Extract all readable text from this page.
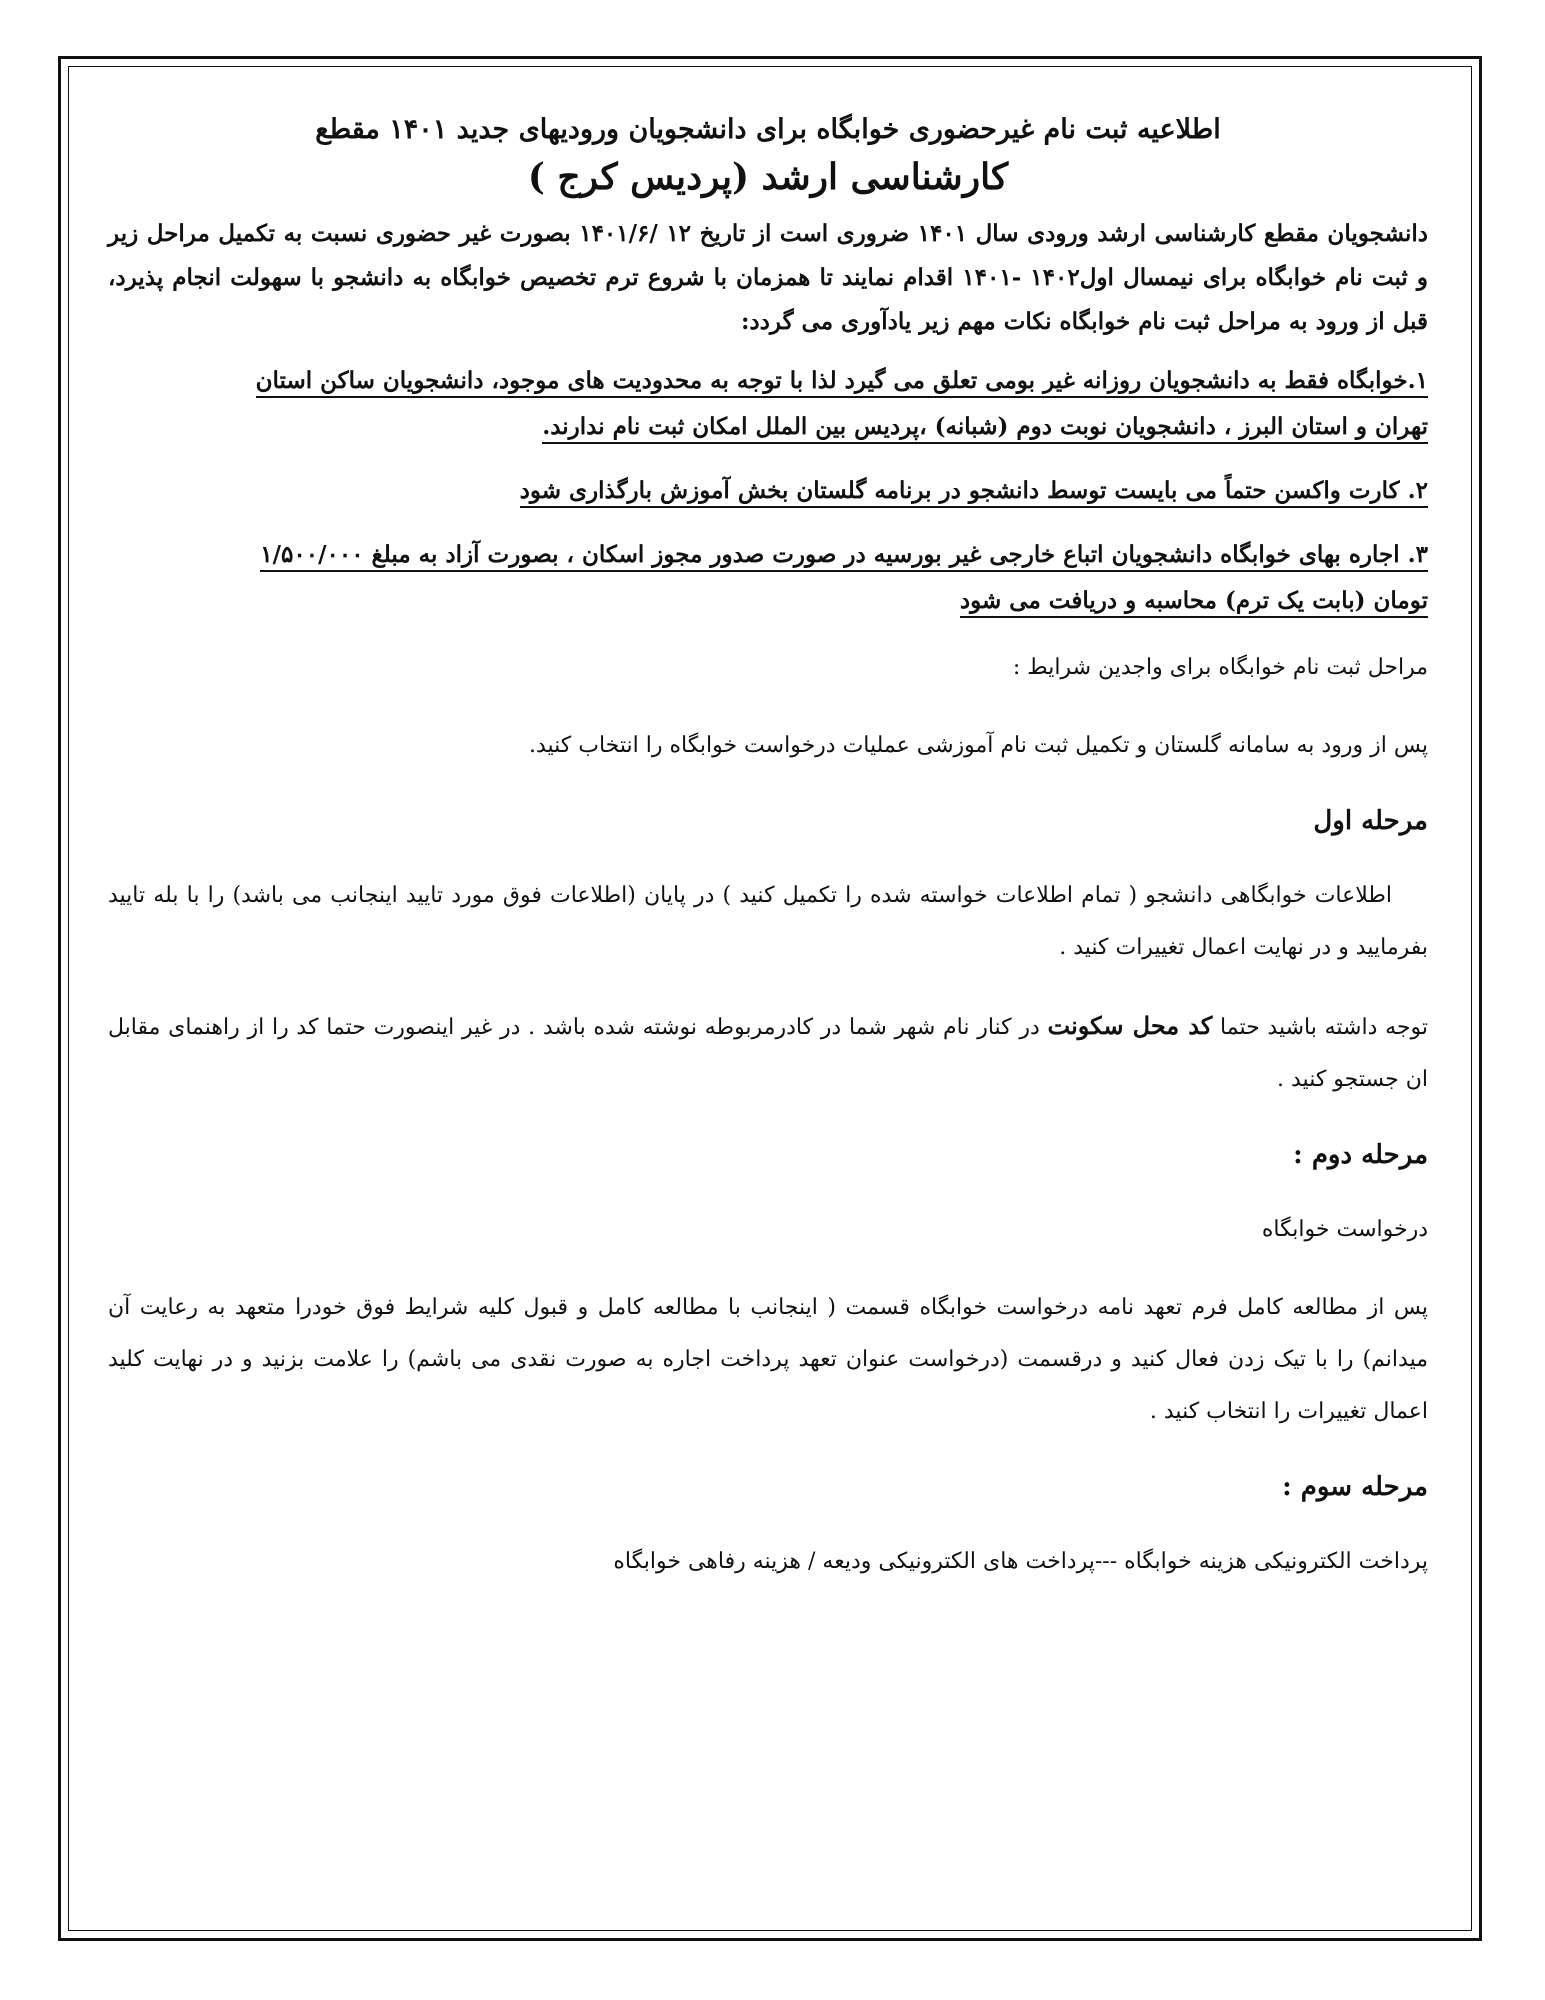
اطلاعیه ثبت نام غیرحضوری خوابگاه برای دانشجویان ورودیهای جدید ۱۴۰۱ مقطع

کارشناسی ارشد (پردیس کرج )

دانشجویان مقطع کارشناسی ارشد ورودی سال ۱۴۰۱ ضروری است از تاریخ ۱۲ /۱۴۰۱/۶ بصورت غیر حضوری نسبت به تکمیل مراحل زیر و ثبت نام خوابگاه برای نیمسال اول۱۴۰۲ -۱۴۰۱ اقدام نمایند تا همزمان با شروع ترم تخصیص خوابگاه به دانشجو با سهولت انجام پذیرد، قبل از ورود به مراحل ثبت نام خوابگاه نکات مهم زیر یادآوری می گردد:

۱.خوابگاه فقط به دانشجویان روزانه غیر بومی تعلق می گیرد لذا با توجه به محدودیت های موجود، دانشجویان ساکن استان
تهران و استان البرز ، دانشجویان نوبت دوم (شبانه) ،پردیس بین الملل امکان ثبت نام ندارند.

۲. کارت واکسن حتماً می بایست توسط دانشجو در برنامه گلستان بخش آموزش بارگذاری شود

۳. اجاره بهای خوابگاه دانشجویان اتباع خارجی غیر بورسیه در صورت صدور مجوز اسکان ، بصورت آزاد به مبلغ ۱/۵۰۰/۰۰۰
تومان (بابت یک ترم) محاسبه و دریافت می شود

مراحل ثبت نام خوابگاه برای واجدین شرایط :

پس از ورود به سامانه گلستان و تکمیل ثبت نام آموزشی عملیات درخواست خوابگاه را انتخاب کنید.

مرحله اول

اطلاعات خوابگاهی دانشجو ( تمام اطلاعات خواسته شده را تکمیل کنید ) در پایان (اطلاعات فوق مورد تایید اینجانب می باشد) را با بله تایید بفرمایید و در نهایت اعمال تغییرات کنید .

توجه داشته باشید حتما کد محل سکونت در کنار نام شهر شما در کادرمربوطه نوشته شده باشد . در غیر اینصورت حتما کد را از راهنمای مقابل ان جستجو کنید .

مرحله دوم :

درخواست خوابگاه

پس از مطالعه کامل فرم تعهد نامه درخواست خوابگاه قسمت ( اینجانب با مطالعه کامل و قبول کلیه شرایط فوق خودرا متعهد به رعایت آن میدانم) را با تیک زدن فعال کنید و درقسمت (درخواست عنوان تعهد پرداخت اجاره به صورت نقدی می باشم) را علامت بزنید و در نهایت کلید اعمال تغییرات را انتخاب کنید .

مرحله سوم :

پرداخت الکترونیکی هزینه خوابگاه ---پرداخت های الکترونیکی ودیعه / هزینه رفاهی خوابگاه
